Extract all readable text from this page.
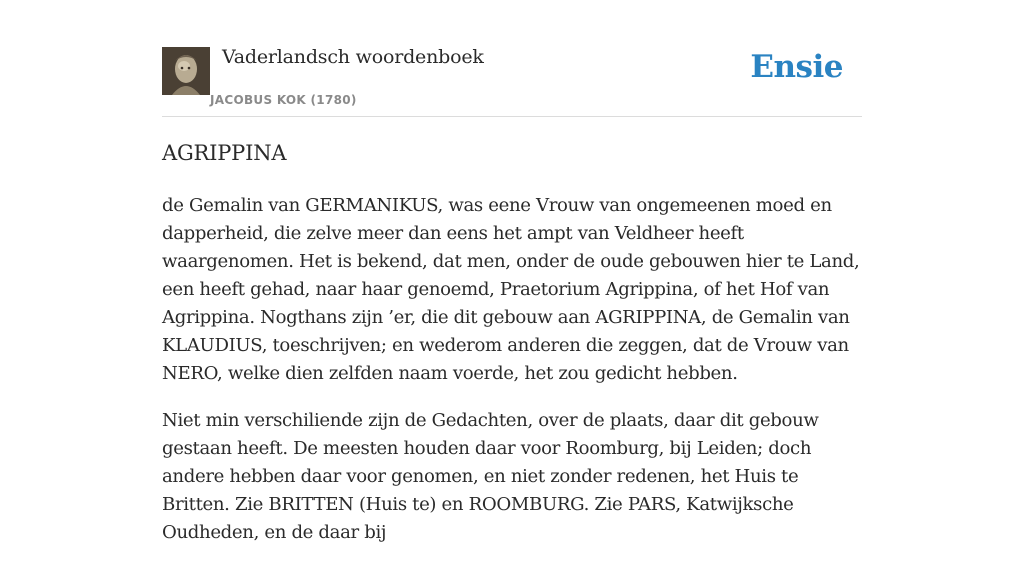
Vaderlandsch woordenboek
JACOBUS KOK (1780)
Ensie
AGRIPPINA

de Gemalin van GERMANIKUS, was eene Vrouw van ongemeenen moed en dapperheid, die zelve meer dan eens het ampt van Veldheer heeft waargenomen. Het is bekend, dat men, onder de oude gebouwen hier te Land, een heeft gehad, naar haar genoemd, Praetorium Agrippina, of het Hof van Agrippina. Nogthans zijn ’er, die dit gebouw aan AGRIPPINA, de Gemalin van KLAUDIUS, toeschrijven; en wederom anderen die zeggen, dat de Vrouw van NERO, welke dien zelfden naam voerde, het zou gedicht hebben.

Niet min verschiliende zijn de Gedachten, over de plaats, daar dit gebouw gestaan heeft. De meesten houden daar voor Roomburg, bij Leiden; doch andere hebben daar voor genomen, en niet zonder redenen, het Huis te Britten. Zie BRITTEN (Huis te) en ROOMBURG. Zie PARS, Katwijksche Oudheden, en de daar bij
